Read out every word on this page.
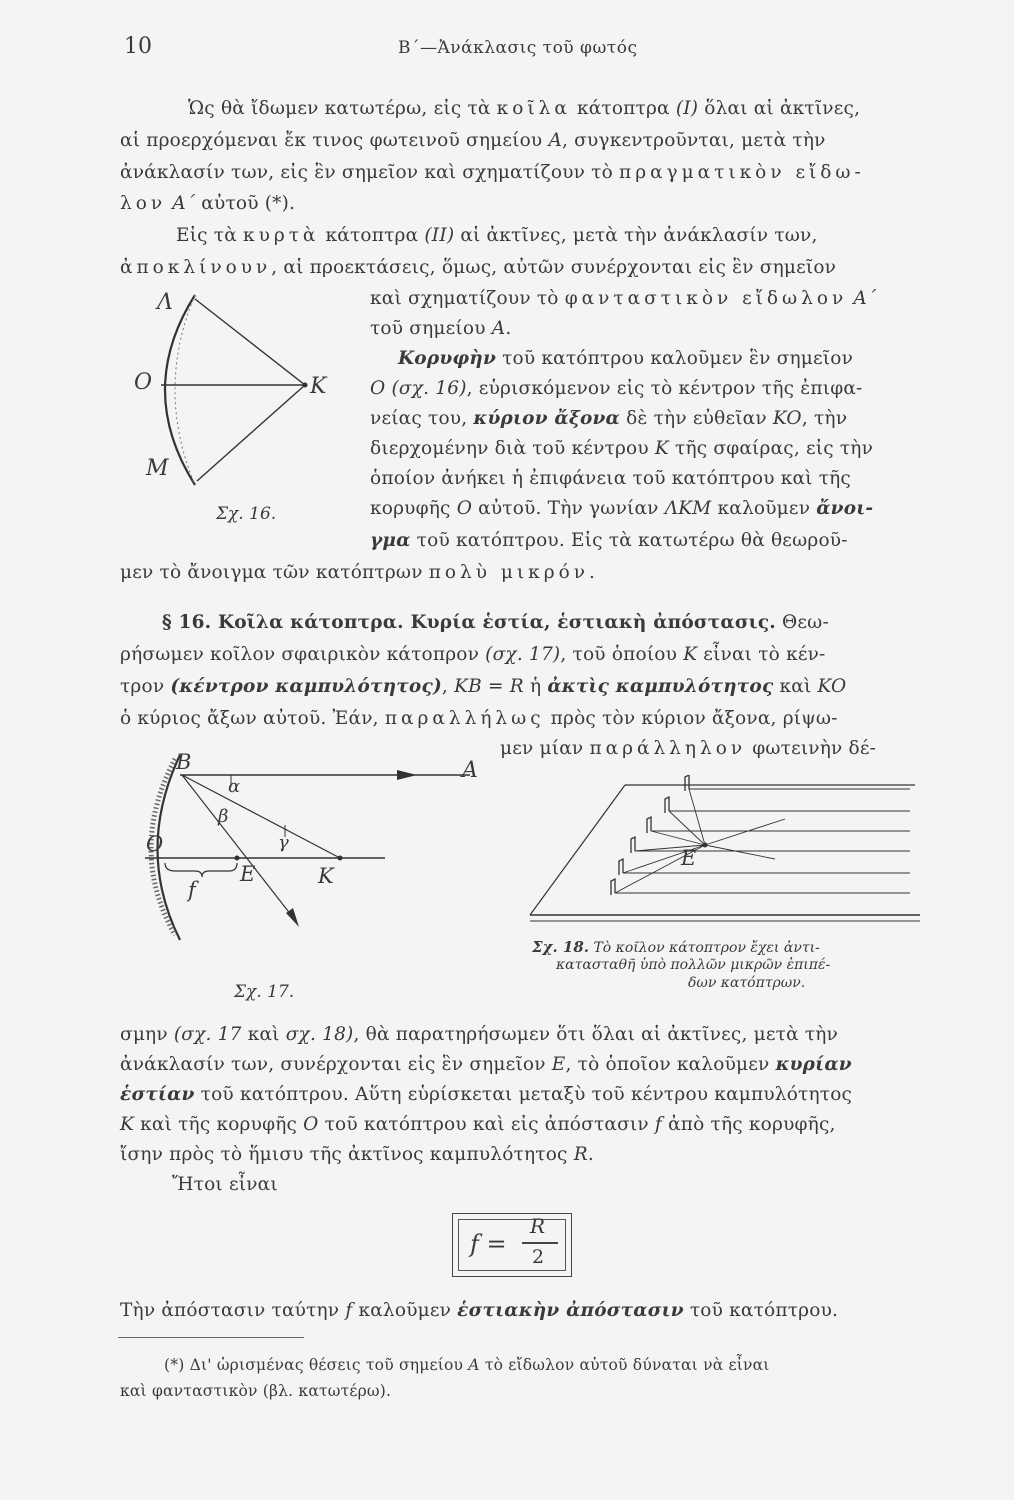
10	Β΄—Ἀνάκλασις τοῦ φωτός
Ὡς θὰ ἴδωμεν κατωτέρω, εἰς τὰ κοῖλα κάτοπτρα (I) ὅλαι αἱ ἀκτῖνες,
αἱ προερχόμεναι ἔκ τινος φωτεινοῦ σημείου A, συγκεντροῦνται, μετὰ τὴν
ἀνάκλασίν των, εἰς ἓν σημεῖον καὶ σχηματίζουν τὸ πραγματικὸν εἴδω-
λον A΄ αὐτοῦ (*).
Εἰς τὰ κυρτὰ κάτοπτρα (II) αἱ ἀκτῖνες, μετὰ τὴν ἀνάκλασίν των,
ἀποκλίνουν, αἱ προεκτάσεις, ὅμως, αὐτῶν συνέρχονται εἰς ἓν σημεῖον
καὶ σχηματίζουν τὸ φανταστικὸν εἴδωλον A΄
τοῦ σημείου A.
Κορυφὴν τοῦ κατόπτρου καλοῦμεν ἓν σημεῖον
O (σχ. 16), εὑρισκόμενον εἰς τὸ κέντρον τῆς ἐπιφα-
νείας του, κύριον ἄξονα δὲ τὴν εὐθεῖαν KO, τὴν
διερχομένην διὰ τοῦ κέντρου K τῆς σφαίρας, εἰς τὴν
ὁποίον ἀνήκει ἡ ἐπιφάνεια τοῦ κατόπτρου καὶ τῆς
κορυφῆς O αὐτοῦ. Τὴν γωνίαν ΛΚΜ καλοῦμεν ἄνοι-
γμα τοῦ κατόπτρου. Εἰς τὰ κατωτέρω θὰ θεωροῦ-
μεν τὸ ἄνοιγμα τῶν κατόπτρων πολὺ μικρόν.
Λ
O	K
M
Σχ. 16.
§ 16. Κοῖλα κάτοπτρα. Κυρία ἑστία, ἑστιακὴ ἀπόστασις. Θεω-
ρήσωμεν κοῖλον σφαιρικὸν κάτοπρον (σχ. 17), τοῦ ὁποίου K εἶναι τὸ κέν-
τρον (κέντρον καμπυλότητος), KB = R ἡ ἀκτὶς καμπυλότητος καὶ KO
ὁ κύριος ἄξων αὐτοῦ. Ἐάν, παραλλήλως πρὸς τὸν κύριον ἄξονα, ρίψω-
μεν μίαν παράλληλον φωτεινὴν δέ-
B	A
α
β
γ
O
f
E	K
Σχ. 17.
E
Σχ. 18. Τὸ κοῖλον κάτοπτρον ἔχει ἀντι-
κατασταθῆ ὑπὸ πολλῶν μικρῶν ἐπιπέ-
δων κατόπτρων.
σμην (σχ. 17 καὶ σχ. 18), θὰ παρατηρήσωμεν ὅτι ὅλαι αἱ ἀκτῖνες, μετὰ τὴν
ἀνάκλασίν των, συνέρχονται εἰς ἓν σημεῖον E, τὸ ὁποῖον καλοῦμεν κυρίαν
ἑστίαν τοῦ κατόπτρου. Αὕτη εὑρίσκεται μεταξὺ τοῦ κέντρου καμπυλότητος
K καὶ τῆς κορυφῆς O τοῦ κατόπτρου καὶ εἰς ἀπόστασιν f ἀπὸ τῆς κορυφῆς,
ἴσην πρὸς τὸ ἥμισυ τῆς ἀκτῖνος καμπυλότητος R.
Ἤτοι εἶναι
f =
R
2
Τὴν ἀπόστασιν ταύτην f καλοῦμεν ἑστιακὴν ἀπόστασιν τοῦ κατόπτρου.
(*) Δι' ὡρισμένας θέσεις τοῦ σημείου A τὸ εἴδωλον αὐτοῦ δύναται νὰ εἶναι
καὶ φανταστικὸν (βλ. κατωτέρω).
